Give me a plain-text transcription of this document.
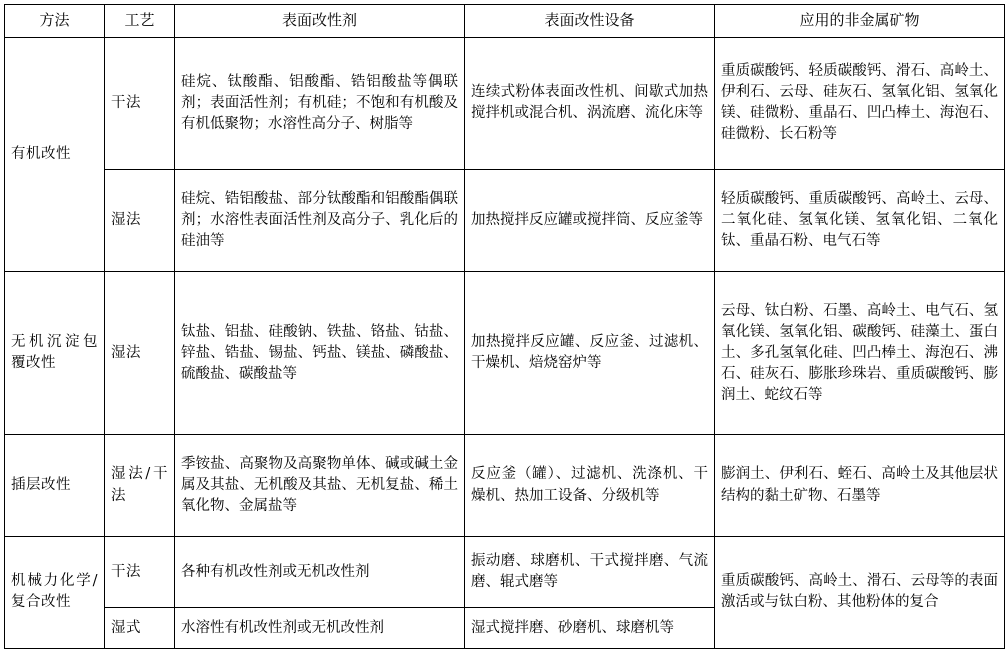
方法	工艺	表面改性剂	表面改性设备	应用的非金属矿物
有机改性	干法	硅烷、钛酸酯、铝酸酯、锆铝酸盐等偶联剂；表面活性剂；有机硅；不饱和有机酸及有机低聚物；水溶性高分子、树脂等	连续式粉体表面改性机、间歇式加热搅拌机或混合机、涡流磨、流化床等	重质碳酸钙、轻质碳酸钙、滑石、高岭土、伊利石、云母、硅灰石、氢氧化铝、氢氧化镁、硅微粉、重晶石、凹凸棒土、海泡石、硅微粉、长石粉等
	湿法	硅烷、锆铝酸盐、部分钛酸酯和铝酸酯偶联剂；水溶性表面活性剂及高分子、乳化后的硅油等	加热搅拌反应罐或搅拌筒、反应釜等	轻质碳酸钙、重质碳酸钙、高岭土、云母、二氧化硅、氢氧化镁、氢氧化铝、二氧化钛、重晶石粉、电气石等
无机沉淀包覆改性	湿法	钛盐、铝盐、硅酸钠、铁盐、铬盐、钴盐、锌盐、锆盐、锡盐、钙盐、镁盐、磷酸盐、硫酸盐、碳酸盐等	加热搅拌反应罐、反应釜、过滤机、干燥机、焙烧窑炉等	云母、钛白粉、石墨、高岭土、电气石、氢氧化镁、氢氧化铝、碳酸钙、硅藻土、蛋白土、多孔氢氧化硅、凹凸棒土、海泡石、沸石、硅灰石、膨胀珍珠岩、重质碳酸钙、膨润土、蛇纹石等
插层改性	湿法/干法	季铵盐、高聚物及高聚物单体、碱或碱土金属及其盐、无机酸及其盐、无机复盐、稀土氧化物、金属盐等	反应釜（罐）、过滤机、洗涤机、干燥机、热加工设备、分级机等	膨润土、伊利石、蛭石、高岭土及其他层状结构的黏土矿物、石墨等
机械力化学/复合改性	干法	各种有机改性剂或无机改性剂	振动磨、球磨机、干式搅拌磨、气流磨、辊式磨等	重质碳酸钙、高岭土、滑石、云母等的表面激活或与钛白粉、其他粉体的复合
	湿式	水溶性有机改性剂或无机改性剂	湿式搅拌磨、砂磨机、球磨机等	
